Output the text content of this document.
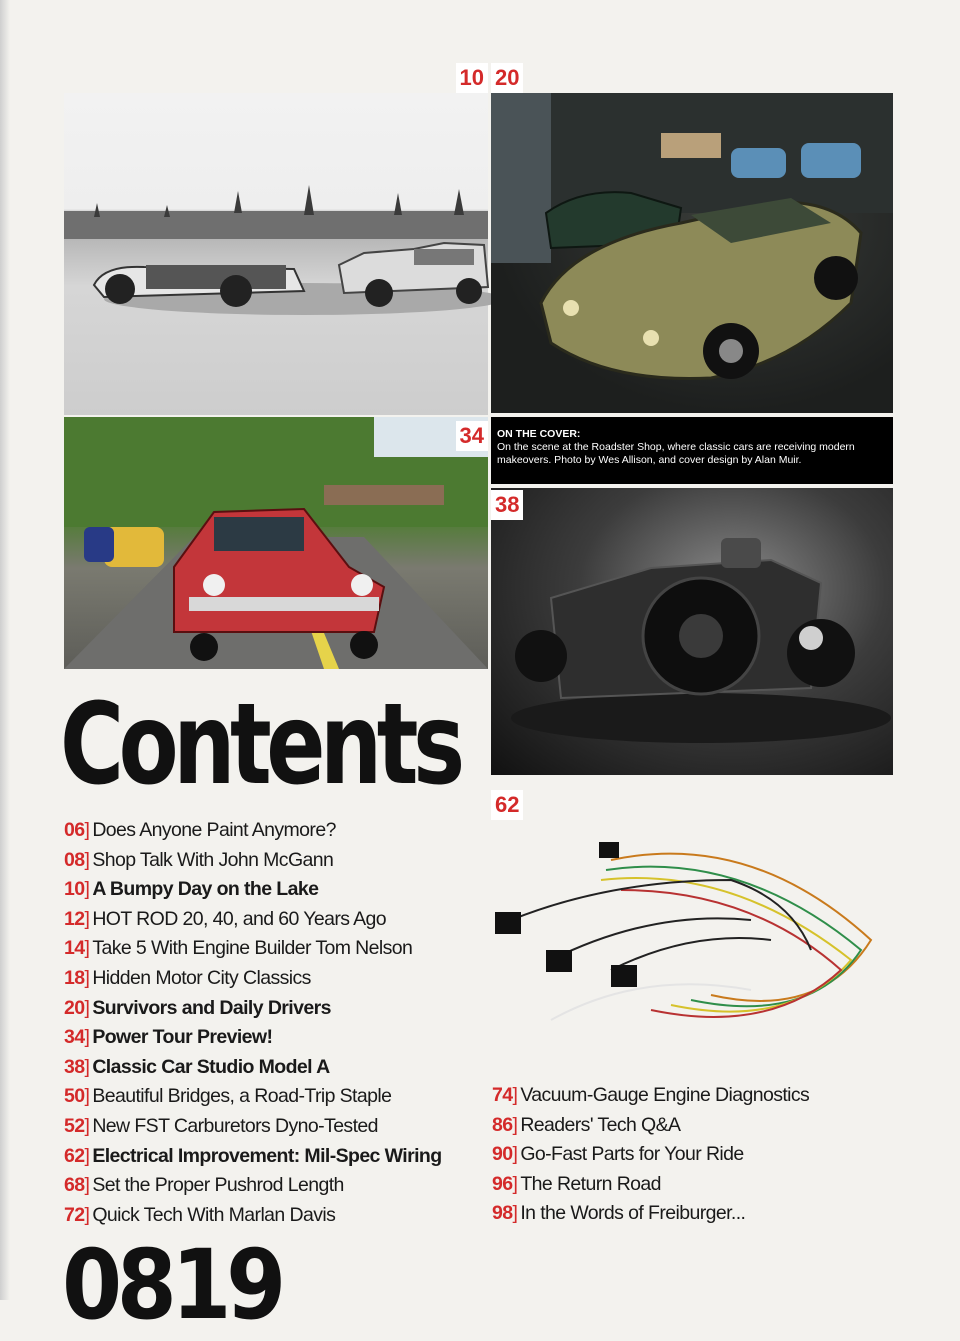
10 20
34	ON THE COVER:
On the scene at the Roadster Shop, where classic cars are receiving modern makeovers. Photo by Wes Allison, and cover design by Alan Muir.
38
62
Contents
06] Does Anyone Paint Anymore?
08] Shop Talk With John McGann
10] A Bumpy Day on the Lake
12] HOT ROD 20, 40, and 60 Years Ago
14] Take 5 With Engine Builder Tom Nelson
18] Hidden Motor City Classics
20] Survivors and Daily Drivers
34] Power Tour Preview!
38] Classic Car Studio Model A
50] Beautiful Bridges, a Road-Trip Staple
52] New FST Carburetors Dyno-Tested
62] Electrical Improvement: Mil-Spec Wiring
68] Set the Proper Pushrod Length
72] Quick Tech With Marlan Davis
74] Vacuum-Gauge Engine Diagnostics
86] Readers' Tech Q&A
90] Go-Fast Parts for Your Ride
96] The Return Road
98] In the Words of Freiburger...
0819
